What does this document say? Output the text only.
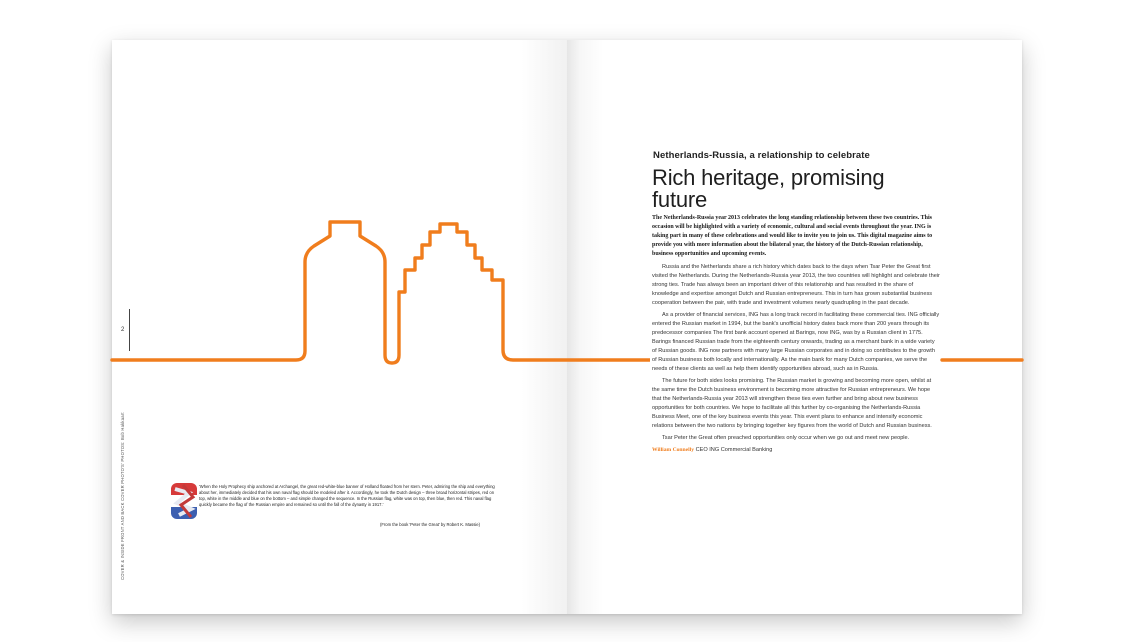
2
COVER & INSIDE FRONT AND BACK COVER PHOTO'S' PHOTOS: Bob Hakkaart	'When the Holy Prophecy ship anchored at Archangel, the great red-white-blue banner of Holland floated from her stern. Peter, admiring the ship and everything about her, immediately decided that his own naval flag should be modeled after it. Accordingly, he took the Dutch design – three broad horizontal stripes, red on top, white in the middle and blue on the bottom – and simple changed the sequence. In the Russian flag, white was on top, then blue, then red. This naval flag quickly became the flag of the Russian empire and remained so until the fall of the dynasty in 1917.'
(From the book 'Peter the Great' by Robert K. Massie)
Netherlands-Russia, a relationship to celebrate
Rich heritage, promising future

The Netherlands-Russia year 2013 celebrates the long standing relationship between these two countries. This occasion will be highlighted with a variety of economic, cultural and social events throughout the year. ING is taking part in many of these celebrations and would like to invite you to join us. This digital magazine aims to provide you with more information about the bilateral year, the history of the Dutch-Russian relationship, business opportunities and upcoming events.

Russia and the Netherlands share a rich history which dates back to the days when Tsar Peter the Great first visited the Netherlands. During the Netherlands-Russia year 2013, the two countries will highlight and celebrate their strong ties. Trade has always been an important driver of this relationship and has resulted in the share of knowledge and expertise amongst Dutch and Russian entrepreneurs. This in turn has grown substantial business cooperation between the pair, with trade and investment volumes nearly quadrupling in the past decade.

As a provider of financial services, ING has a long track record in facilitating these commercial ties. ING officially entered the Russian market in 1994, but the bank's unofficial history dates back more than 200 years through its predecessor companies The first bank account opened at Barings, now ING, was by a Russian client in 1775. Barings financed Russian trade from the eighteenth century onwards, trading as a merchant bank in a wide variety of Russian goods. ING now partners with many large Russian corporates and in doing so contributes to the growth of Russian business both locally and internationally. As the main bank for many Dutch companies, we serve the needs of these clients as well as help them identify opportunities abroad, such as in Russia.

The future for both sides looks promising. The Russian market is growing and becoming more open, whilst at the same time the Dutch business environment is becoming more attractive for Russian entrepreneurs. We hope that the Netherlands-Russia year 2013 will strengthen these ties even further and bring about new business opportunities for both countries. We hope to facilitate all this further by co-organising the Netherlands-Russia Business Meet, one of the key business events this year. This event plans to enhance and intensify economic relations between the two nations by bringing together key figures from the world of Dutch and Russian business.

Tsar Peter the Great often preached opportunities only occur when we go out and meet new people.

William Connelly CEO ING Commercial Banking
